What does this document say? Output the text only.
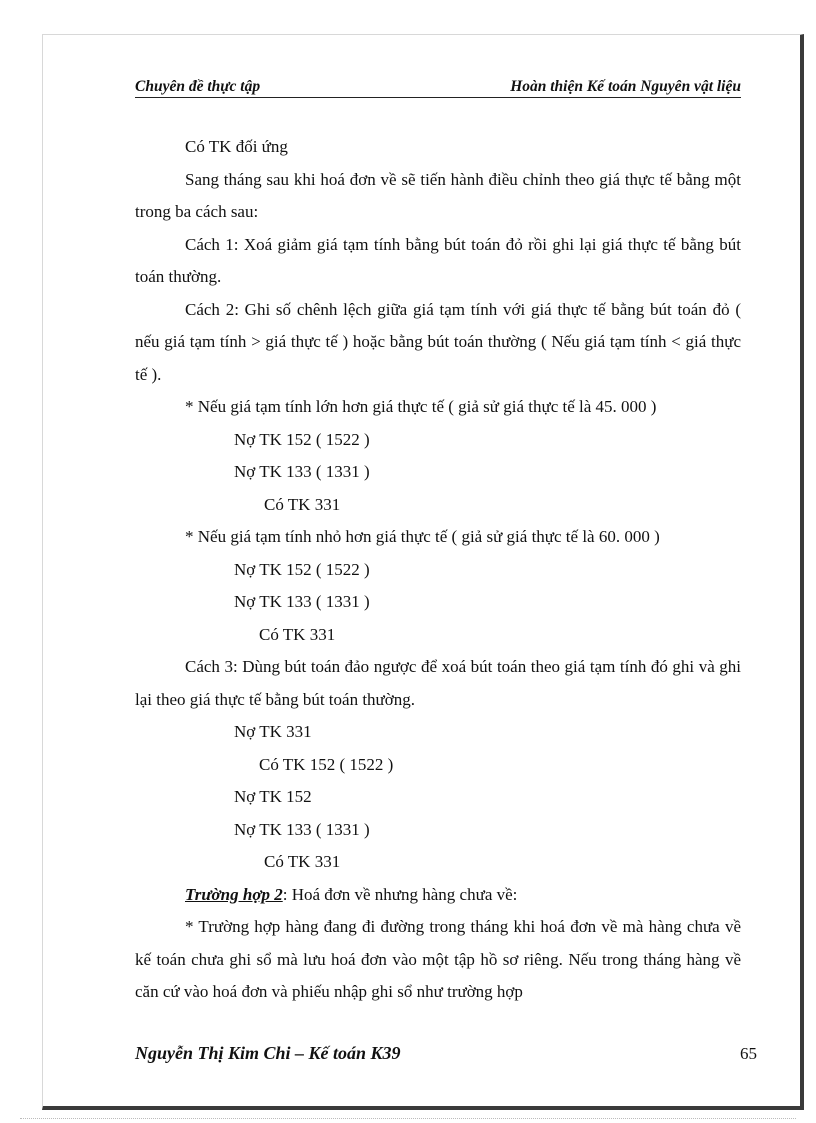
Chuyên đề thực tập	Hoàn thiện Kế toán Nguyên vật liệu

Có TK đối ứng

Sang tháng sau khi hoá đơn về sẽ tiến hành điều chỉnh theo giá thực tế bằng một trong ba cách sau:

Cách 1: Xoá giảm giá tạm tính bằng bút toán đỏ rồi ghi lại giá thực tế bằng bút toán thường.

Cách 2: Ghi số chênh lệch giữa giá tạm tính với giá thực tế bằng bút toán đỏ ( nếu giá tạm tính > giá thực tế ) hoặc bằng bút toán thường ( Nếu giá tạm tính < giá thực tế ).

* Nếu giá tạm tính lớn hơn giá thực tế ( giả sử giá thực tế là 45. 000 )

Nợ TK 152 ( 1522 )

Nợ TK 133 ( 1331 )

Có TK 331

* Nếu giá tạm tính nhỏ hơn giá thực tế ( giả sử giá thực tế là 60. 000 )

Nợ TK 152 ( 1522 )

Nợ TK 133 ( 1331 )

Có TK 331

Cách 3: Dùng bút toán đảo ngược để xoá bút toán theo giá tạm tính đó ghi và ghi lại theo giá thực tế bằng bút toán thường.

Nợ TK 331

Có TK 152 ( 1522 )

Nợ TK 152

Nợ TK 133 ( 1331 )

Có TK 331

Trường hợp 2: Hoá đơn về nhưng hàng chưa về:

* Trường hợp hàng đang đi đường trong tháng khi hoá đơn về mà hàng chưa về kế toán chưa ghi sổ mà lưu hoá đơn vào một tập hồ sơ riêng. Nếu trong tháng hàng về căn cứ vào hoá đơn và phiếu nhập ghi sổ như trường hợp

Nguyễn Thị Kim Chi – Kế toán K39	65
